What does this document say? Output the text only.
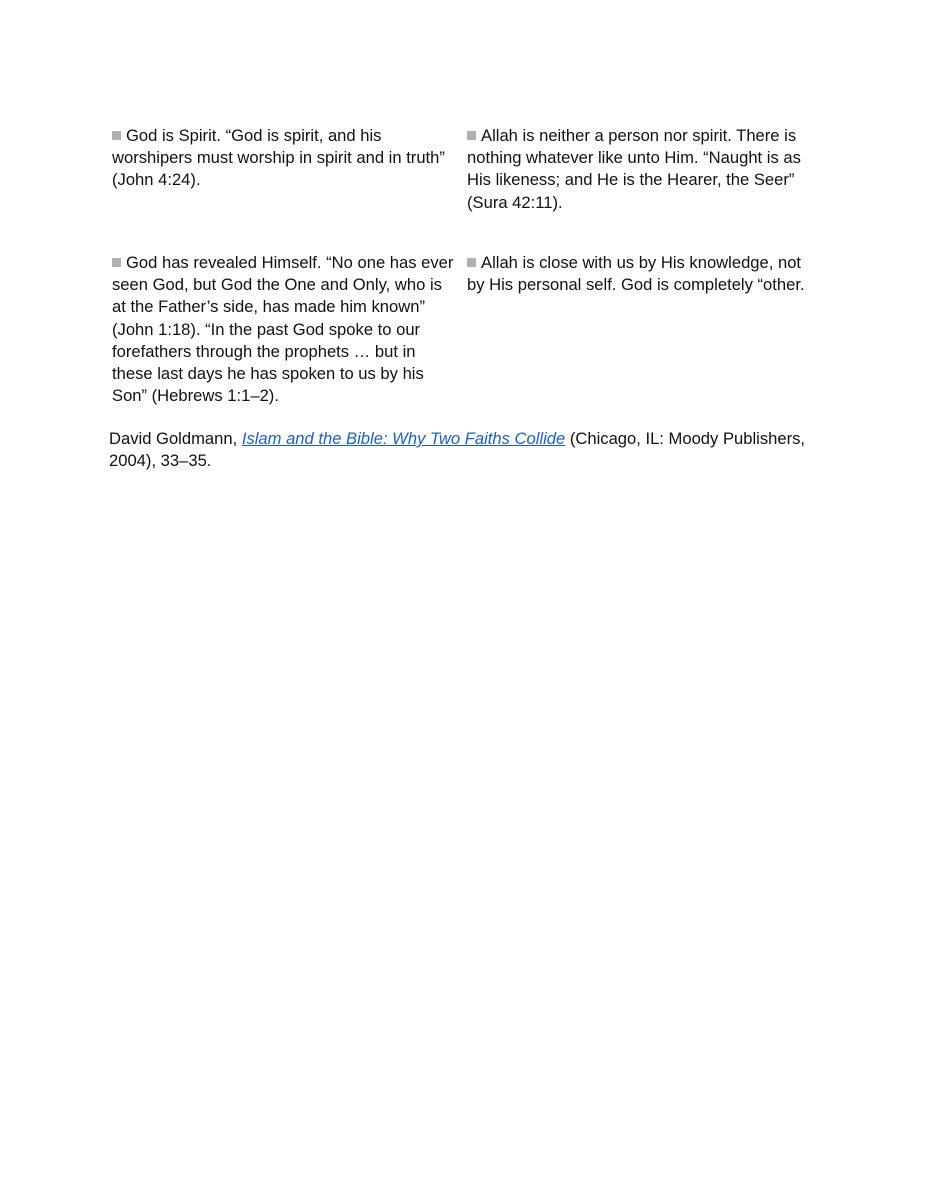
God is Spirit. “God is spirit, and his worshipers must worship in spirit and in truth” (John 4:24).
Allah is neither a person nor spirit. There is nothing whatever like unto Him. “Naught is as His likeness; and He is the Hearer, the Seer” (Sura 42:11).
God has revealed Himself. “No one has ever seen God, but God the One and Only, who is at the Father’s side, has made him known” (John 1:18). “In the past God spoke to our forefathers through the prophets … but in these last days he has spoken to us by his Son” (Hebrews 1:1–2).
Allah is close with us by His knowledge, not by His personal self. God is completely “other.
David Goldmann, Islam and the Bible: Why Two Faiths Collide (Chicago, IL: Moody Publishers, 2004), 33–35.
